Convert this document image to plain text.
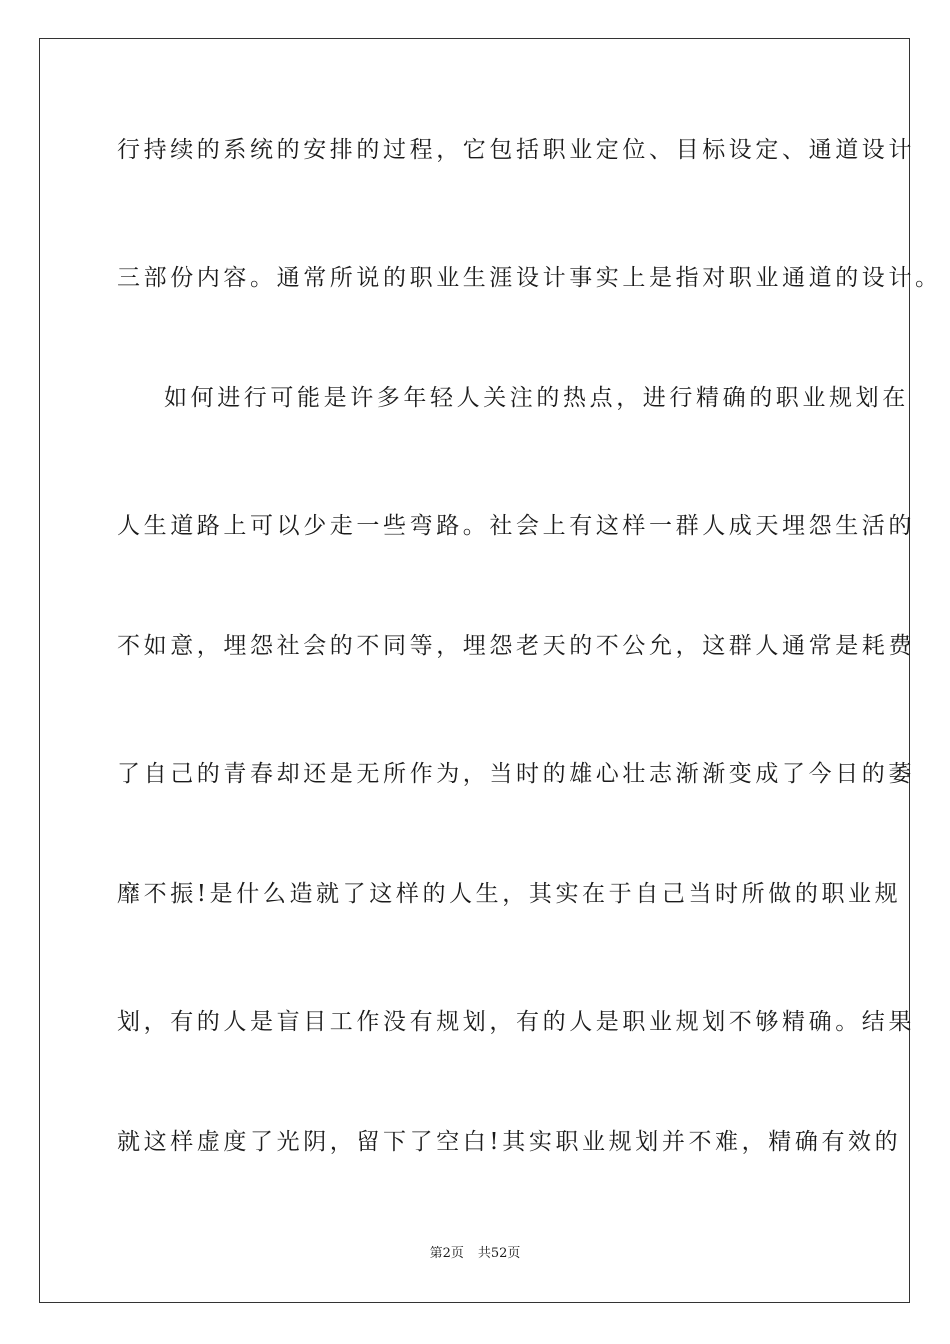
行持续的系统的安排的过程，它包括职业定位、目标设定、通道设计
三部份内容。通常所说的职业生涯设计事实上是指对职业通道的设计。
如何进行可能是许多年轻人关注的热点，进行精确的职业规划在
人生道路上可以少走一些弯路。社会上有这样一群人成天埋怨生活的
不如意，埋怨社会的不同等，埋怨老天的不公允，这群人通常是耗费
了自己的青春却还是无所作为，当时的雄心壮志渐渐变成了今日的萎
靡不振!是什么造就了这样的人生，其实在于自己当时所做的职业规
划，有的人是盲目工作没有规划，有的人是职业规划不够精确。结果
就这样虚度了光阴，留下了空白!其实职业规划并不难，精确有效的
第2页 共52页
